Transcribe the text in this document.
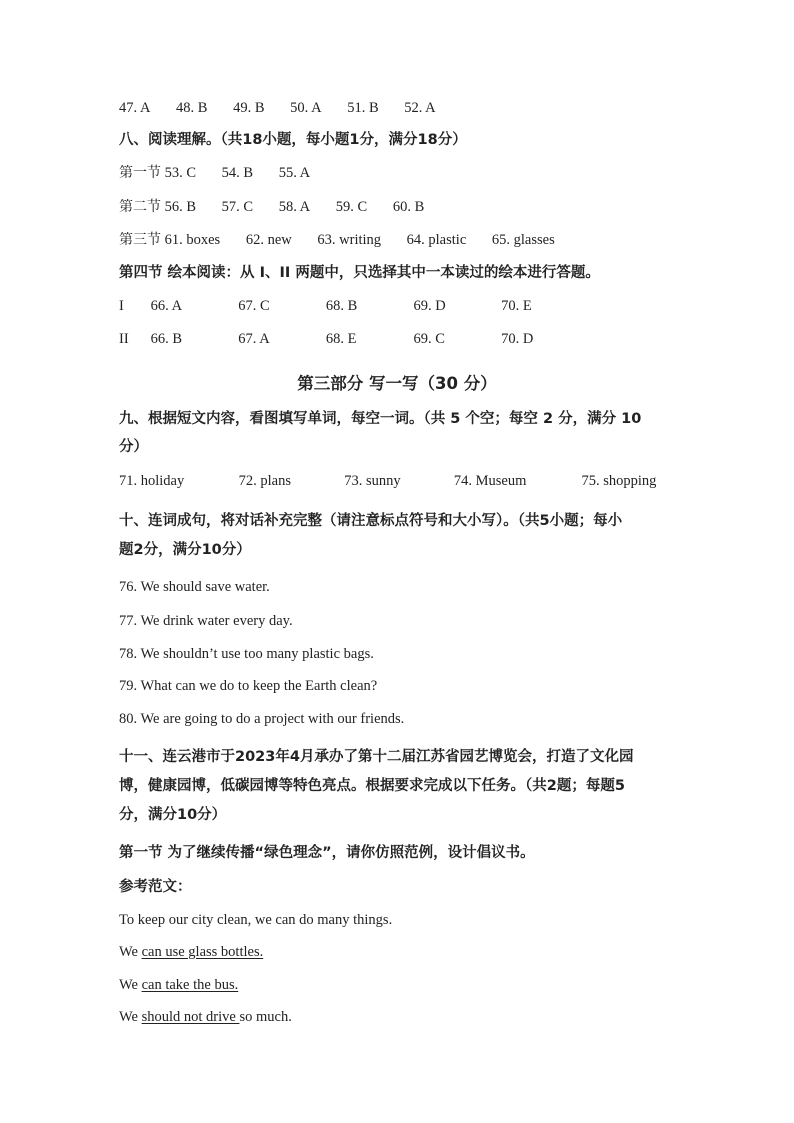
47. A 48. B 49. B 50. A 51. B 52. A
八、阅读理解。（共18小题，每小题1分，满分18分）
第一节 53. C 54. B 55. A
第二节 56. B 57. C 58. A 59. C 60. B
第三节 61. boxes 62. new 63. writing 64. plastic 65. glasses
第四节 绘本阅读：从 I、II 两题中，只选择其中一本读过的绘本进行答题。
I 66. A	67. C	68. B	69. D	70. E
II 66. B	67. A	68. E	69. C	70. D
第三部分 写一写（30 分）
九、根据短文内容，看图填写单词，每空一词。（共 5 个空；每空 2 分，满分 10
分）
71. holiday	72. plans	73. sunny	74. Museum	75. shopping
十、连词成句，将对话补充完整（请注意标点符号和大小写）。（共5小题；每小
题2分，满分10分）
76. We should save water.
77. We drink water every day.
78. We shouldn’t use too many plastic bags.
79. What can we do to keep the Earth clean?
80. We are going to do a project with our friends.
十一、连云港市于2023年4月承办了第十二届江苏省园艺博览会，打造了文化园
博，健康园博，低碳园博等特色亮点。根据要求完成以下任务。（共2题；每题5
分，满分10分）
第一节 为了继续传播“绿色理念”，请你仿照范例，设计倡议书。
参考范文：
To keep our city clean, we can do many things.
We can use glass bottles.
We can take the bus.
We should not drive so much.
